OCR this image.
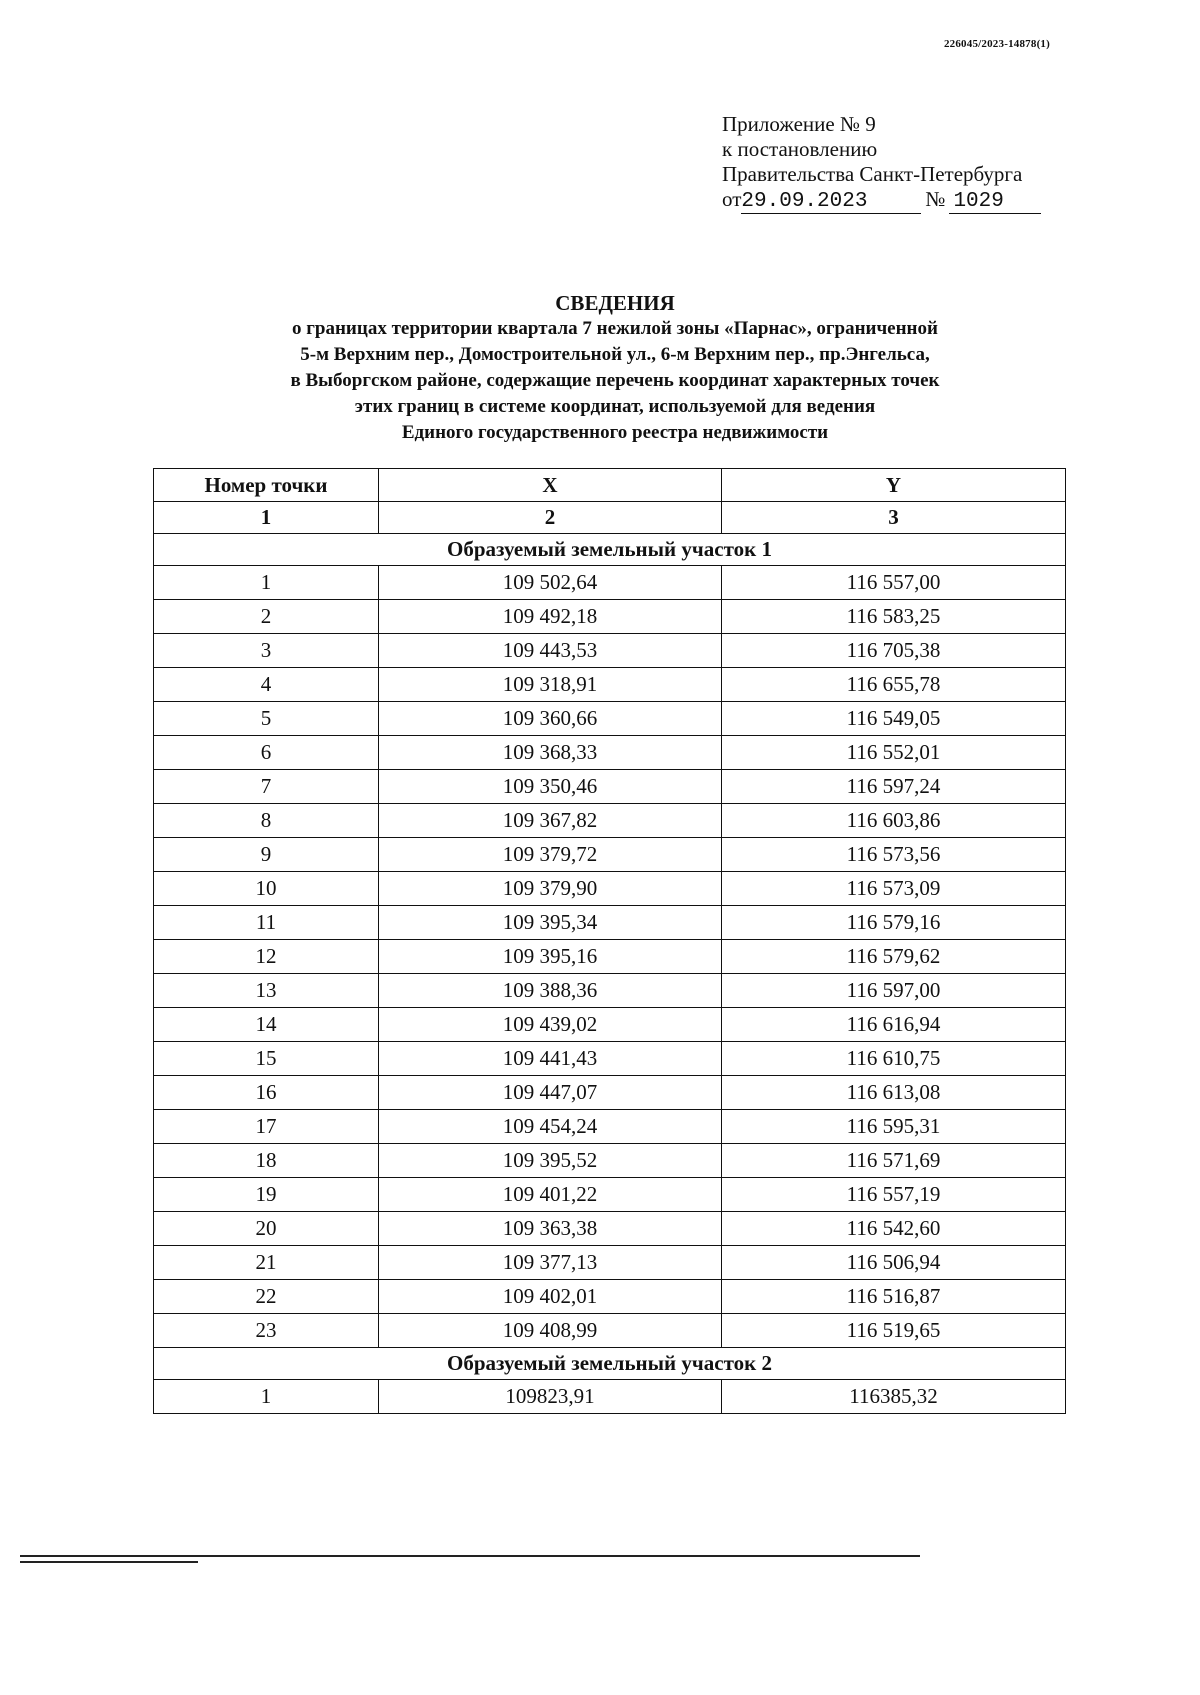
226045/2023-14878(1)
Приложение № 9
к постановлению
Правительства Санкт-Петербурга
от29.09.2023	№ 1029
СВЕДЕНИЯ
о границах территории квартала 7 нежилой зоны «Парнас», ограниченной
5-м Верхним пер., Домостроительной ул., 6-м Верхним пер., пр.Энгельса,
в Выборгском районе, содержащие перечень координат характерных точек
этих границ в системе координат, используемой для ведения
Единого государственного реестра недвижимости
Номер точки	X	Y
1	2	3
Образуемый земельный участок 1		
1	109 502,64	116 557,00
2	109 492,18	116 583,25
3	109 443,53	116 705,38
4	109 318,91	116 655,78
5	109 360,66	116 549,05
6	109 368,33	116 552,01
7	109 350,46	116 597,24
8	109 367,82	116 603,86
9	109 379,72	116 573,56
10	109 379,90	116 573,09
11	109 395,34	116 579,16
12	109 395,16	116 579,62
13	109 388,36	116 597,00
14	109 439,02	116 616,94
15	109 441,43	116 610,75
16	109 447,07	116 613,08
17	109 454,24	116 595,31
18	109 395,52	116 571,69
19	109 401,22	116 557,19
20	109 363,38	116 542,60
21	109 377,13	116 506,94
22	109 402,01	116 516,87
23	109 408,99	116 519,65
Образуемый земельный участок 2		
1	109823,91	116385,32
